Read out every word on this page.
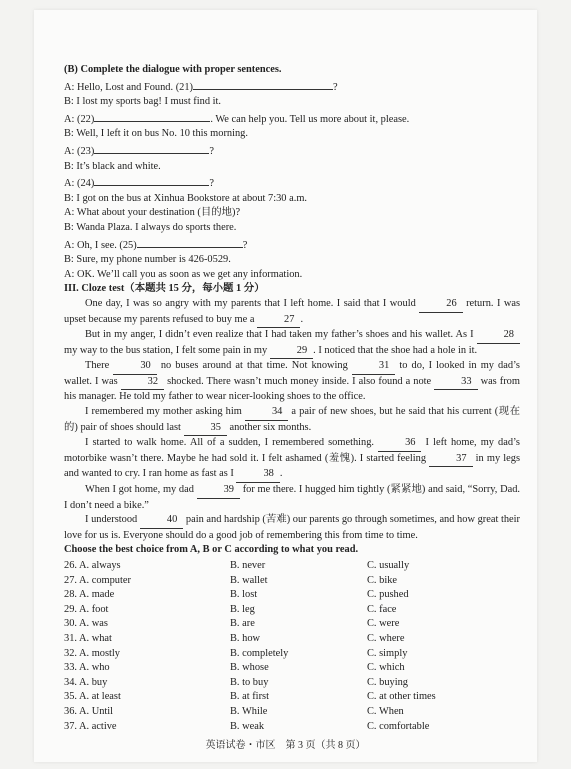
(B) Complete the dialogue with proper sentences.
A: Hello, Lost and Found. (21)	?
B: I lost my sports bag! I must find it.
A: (22)	. We can help you. Tell us more about it, please.
B: Well, I left it on bus No. 10 this morning.
A: (23)	?
B: It’s black and white.
A: (24)	?
B: I got on the bus at Xinhua Bookstore at about 7:30 a.m.
A: What about your destination (目的地)?
B: Wanda Plaza. I always do sports there.
A: Oh, I see. (25)	?
B: Sure, my phone number is 426-0529.
A: OK. We’ll call you as soon as we get any information.
III. Cloze test（本题共 15 分，每小题 1 分）
One day, I was so angry with my parents that I left home. I said that I would	26 return. I was upset because my parents refused to buy me a	27 .
But in my anger, I didn’t even realize that I had taken my father’s shoes and his wallet. As I	28 my way to the bus station, I felt some pain in my	29 . I noticed that the shoe had a hole in it.
There	30 no buses around at that time. Not knowing	31 to do, I looked in my dad’s wallet. I was	32 shocked. There wasn’t much money inside. I also found a note	33 was from his manager. He told my father to wear nicer-looking shoes to the office.
I remembered my mother asking him	34 a pair of new shoes, but he said that his current (现在的) pair of shoes should last	35 another six months.
I started to walk home. All of a sudden, I remembered something.	36 I left home, my dad’s motorbike wasn’t there. Maybe he had sold it. I felt ashamed (羞愧). I started feeling	37 in my legs and wanted to cry. I ran home as fast as I	38 .
When I got home, my dad	39 for me there. I hugged him tightly (紧紧地) and said, “Sorry, Dad. I don’t need a bike.”
I understood	40 pain and hardship (苦难) our parents go through sometimes, and how great their love for us is. Everyone should do a good job of remembering this from time to time.
Choose the best choice from A, B or C according to what you read.
26. A. always	B. never	C. usually
27. A. computer	B. wallet	C. bike
28. A. made	B. lost	C. pushed
29. A. foot	B. leg	C. face
30. A. was	B. are	C. were
31. A. what	B. how	C. where
32. A. mostly	B. completely	C. simply
33. A. who	B. whose	C. which
34. A. buy	B. to buy	C. buying
35. A. at least	B. at first	C. at other times
36. A. Until	B. While	C. When
37. A. active	B. weak	C. comfortable
英语试卷・市区　第 3 页（共 8 页）
